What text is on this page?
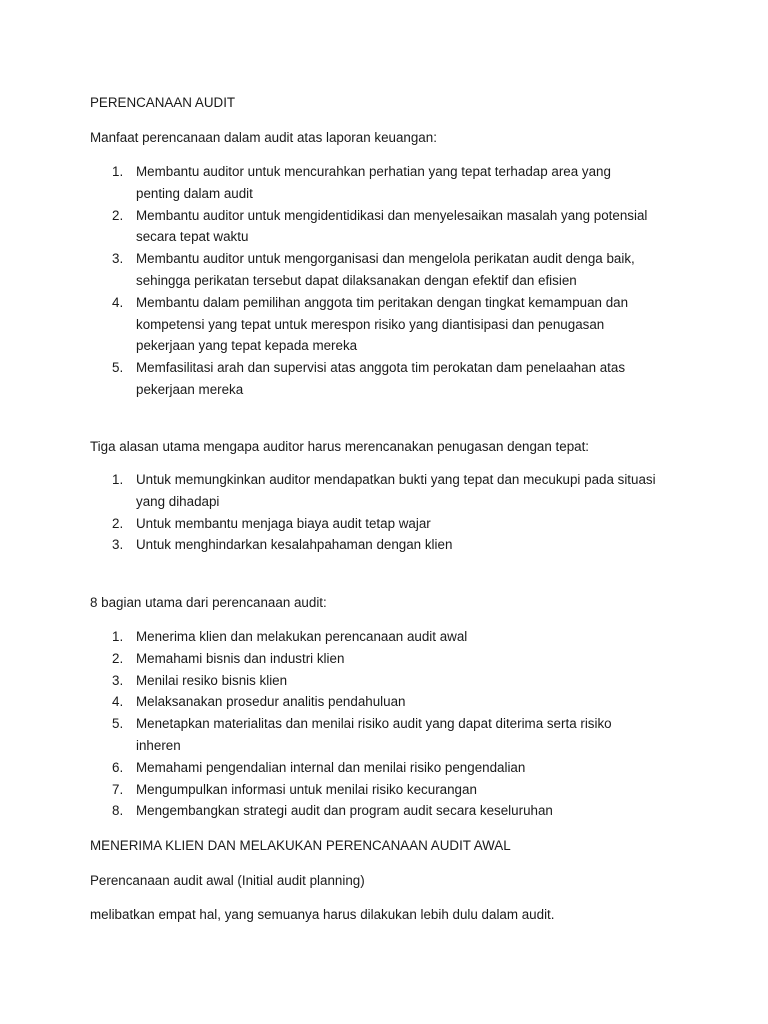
PERENCANAAN AUDIT

Manfaat perencanaan dalam audit atas laporan keuangan:

1. Membantu auditor untuk mencurahkan perhatian yang tepat terhadap area yang penting dalam audit
2. Membantu auditor untuk mengidentidikasi dan menyelesaikan masalah yang potensial secara tepat waktu
3. Membantu auditor untuk mengorganisasi dan mengelola perikatan audit denga baik, sehingga perikatan tersebut dapat dilaksanakan dengan efektif dan efisien
4. Membantu dalam pemilihan anggota tim peritakan dengan tingkat kemampuan dan kompetensi yang tepat untuk merespon risiko yang diantisipasi dan penugasan pekerjaan yang tepat kepada mereka
5. Memfasilitasi arah dan supervisi atas anggota tim perokatan dam penelaahan atas pekerjaan mereka

Tiga alasan utama mengapa auditor harus merencanakan penugasan dengan tepat:

1. Untuk memungkinkan auditor mendapatkan bukti yang tepat dan mecukupi pada situasi yang dihadapi
2. Untuk membantu menjaga biaya audit tetap wajar
3. Untuk menghindarkan kesalahpahaman dengan klien

8 bagian utama dari perencanaan audit:

1. Menerima klien dan melakukan perencanaan audit awal
2. Memahami bisnis dan industri klien
3. Menilai resiko bisnis klien
4. Melaksanakan prosedur analitis pendahuluan
5. Menetapkan materialitas dan menilai risiko audit yang dapat diterima serta risiko inheren
6. Memahami pengendalian internal dan menilai risiko pengendalian
7. Mengumpulkan informasi untuk menilai risiko kecurangan
8. Mengembangkan strategi audit dan program audit secara keseluruhan

MENERIMA KLIEN DAN MELAKUKAN PERENCANAAN AUDIT AWAL

Perencanaan audit awal (Initial audit planning)

melibatkan empat hal, yang semuanya harus dilakukan lebih dulu dalam audit.
